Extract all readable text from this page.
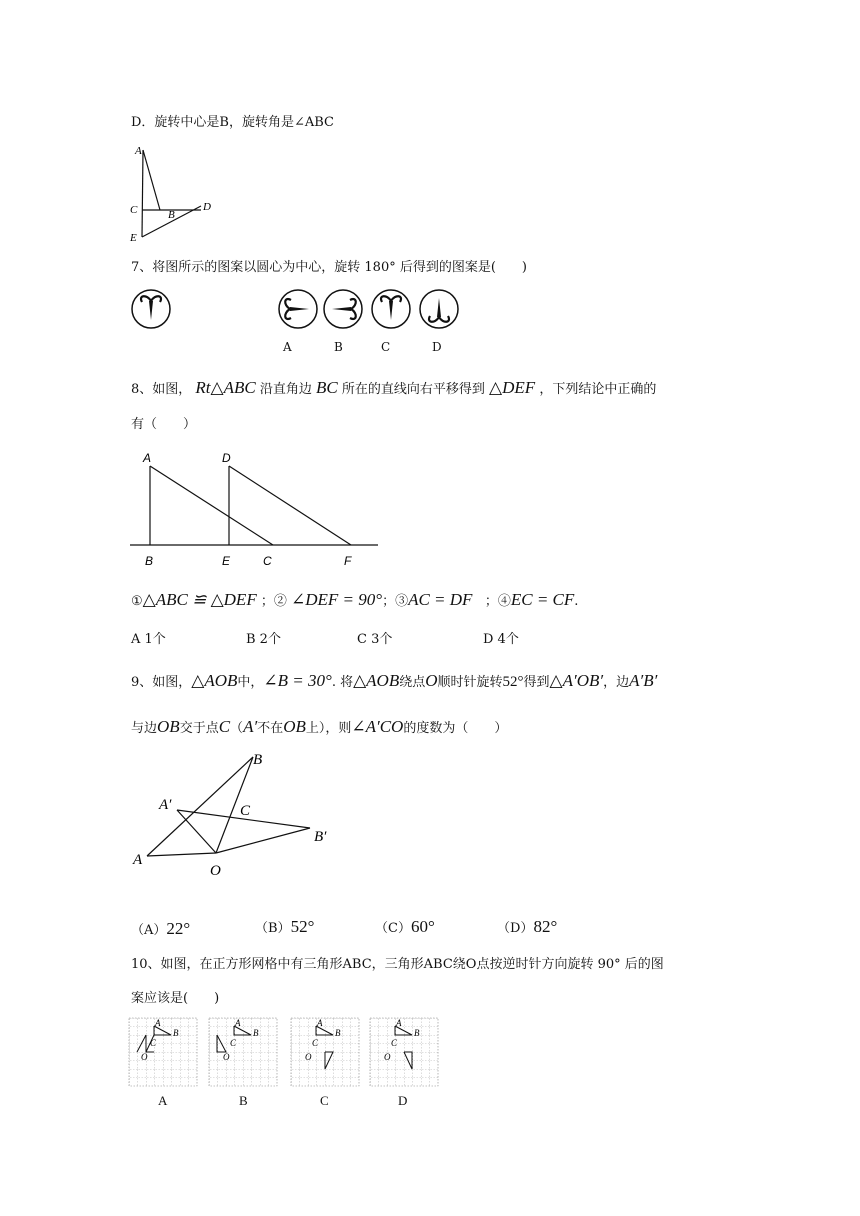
D．旋转中心是B，旋转角是∠ABC
A
C	B
D
E
7、将图所示的图案以圆心为中心，旋转 180° 后得到的图案是(　　)
A	B	C	D
8、如图， Rt△ABC 沿直角边 BC 所在的直线向右平移得到 △DEF ，下列结论中正确的
有（　　）
A	D
B	E	C	F
①△ABC ≌ △DEF ；② ∠DEF = 90°；③AC = DF ；④EC = CF.
A 1个	B 2个	C 3个	D 4个
9、如图，△AOB中，∠B = 30°. 将△AOB绕点O顺时针旋转52°得到△A′OB′，边A′B′
与边OB交于点C（A′不在OB上），则∠A′CO的度数为（　　）
B
A′	C
B′
A
O
（A）22°	（B）52°	（C）60°	（D）82°
10、如图，在正方形网格中有三角形ABC，三角形ABC绕O点按逆时针方向旋转 90° 后的图
案应该是(　　)
A
B
C
O
A
B
C
O
A
B
C
O
A
B
C
O
A	B	C	D
